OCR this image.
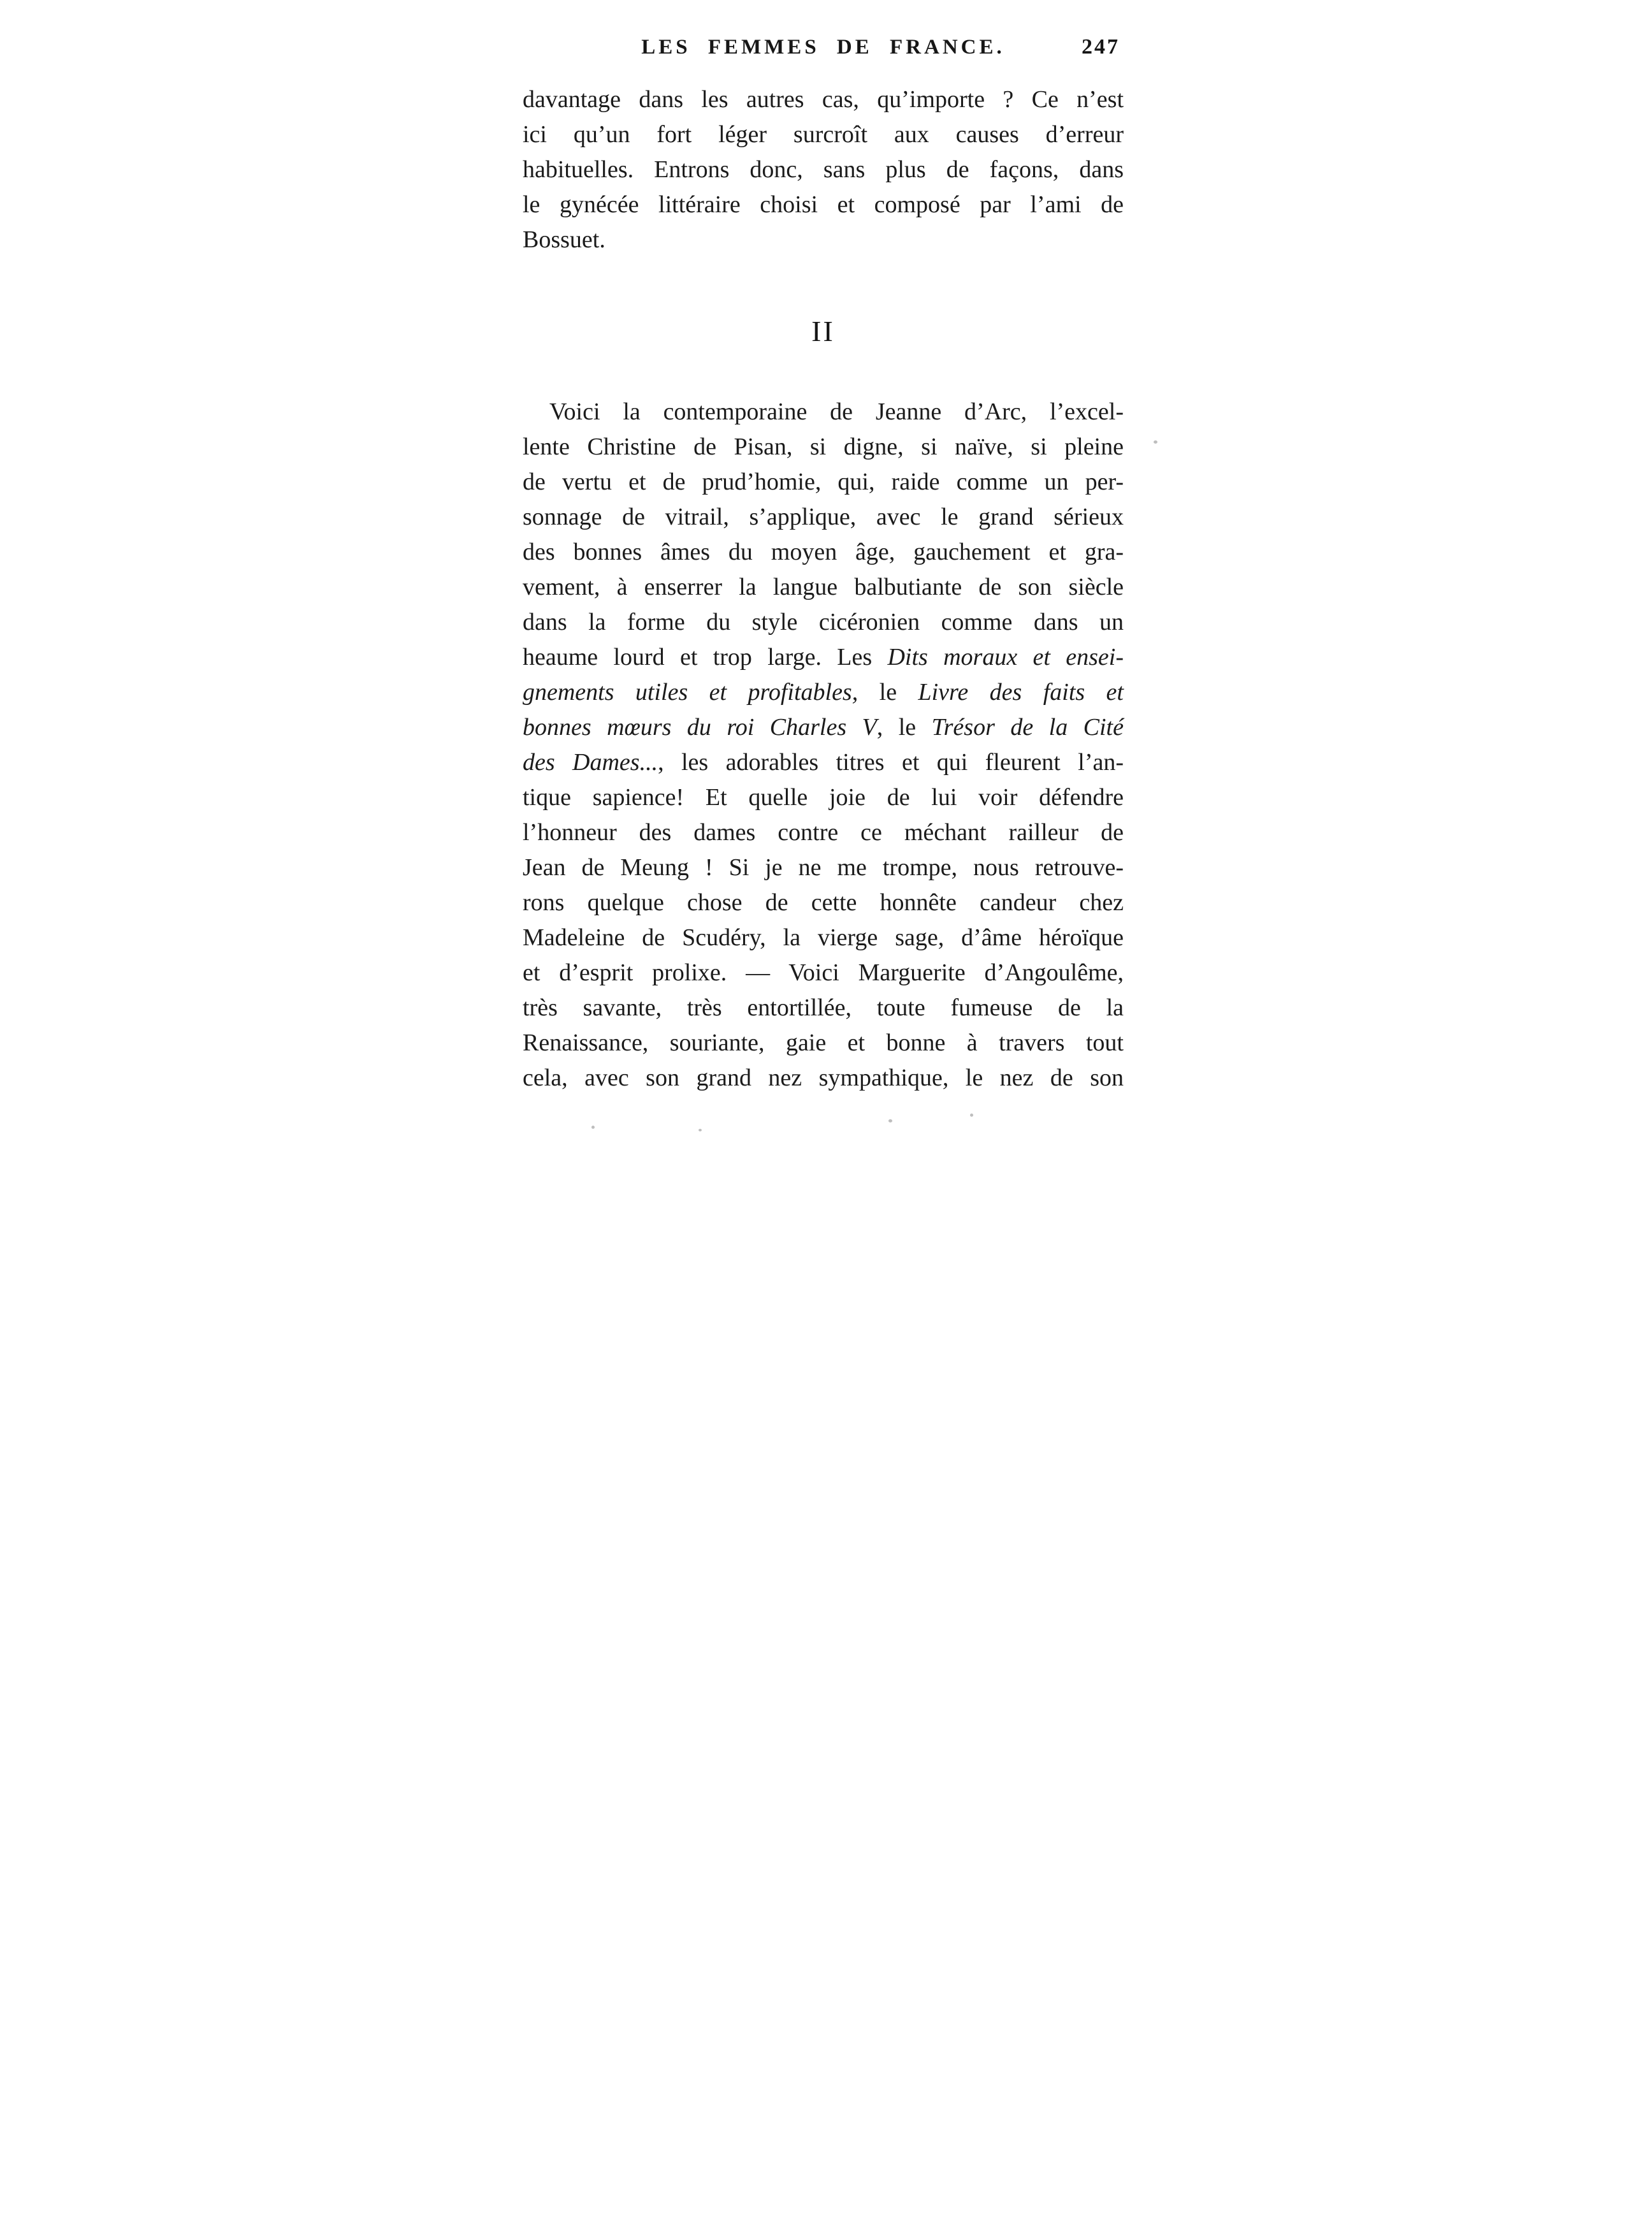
LES FEMMES DE FRANCE.	247
davantage dans les autres cas, qu’importe ? Ce n’est
ici qu’un fort léger surcroît aux causes d’erreur
habituelles. Entrons donc, sans plus de façons, dans
le gynécée littéraire choisi et composé par l’ami de
Bossuet.
II
Voici la contemporaine de Jeanne d’Arc, l’excel-
lente Christine de Pisan, si digne, si naïve, si pleine
de vertu et de prud’homie, qui, raide comme un per-
sonnage de vitrail, s’applique, avec le grand sérieux
des bonnes âmes du moyen âge, gauchement et gra-
vement, à enserrer la langue balbutiante de son siècle
dans la forme du style cicéronien comme dans un
heaume lourd et trop large. Les Dits moraux et ensei-
gnements utiles et profitables, le Livre des faits et
bonnes mœurs du roi Charles V, le Trésor de la Cité
des Dames..., les adorables titres et qui fleurent l’an-
tique sapience! Et quelle joie de lui voir défendre
l’honneur des dames contre ce méchant railleur de
Jean de Meung ! Si je ne me trompe, nous retrouve-
rons quelque chose de cette honnête candeur chez
Madeleine de Scudéry, la vierge sage, d’âme héroïque
et d’esprit prolixe. — Voici Marguerite d’Angoulême,
très savante, très entortillée, toute fumeuse de la
Renaissance, souriante, gaie et bonne à travers tout
cela, avec son grand nez sympathique, le nez de son
